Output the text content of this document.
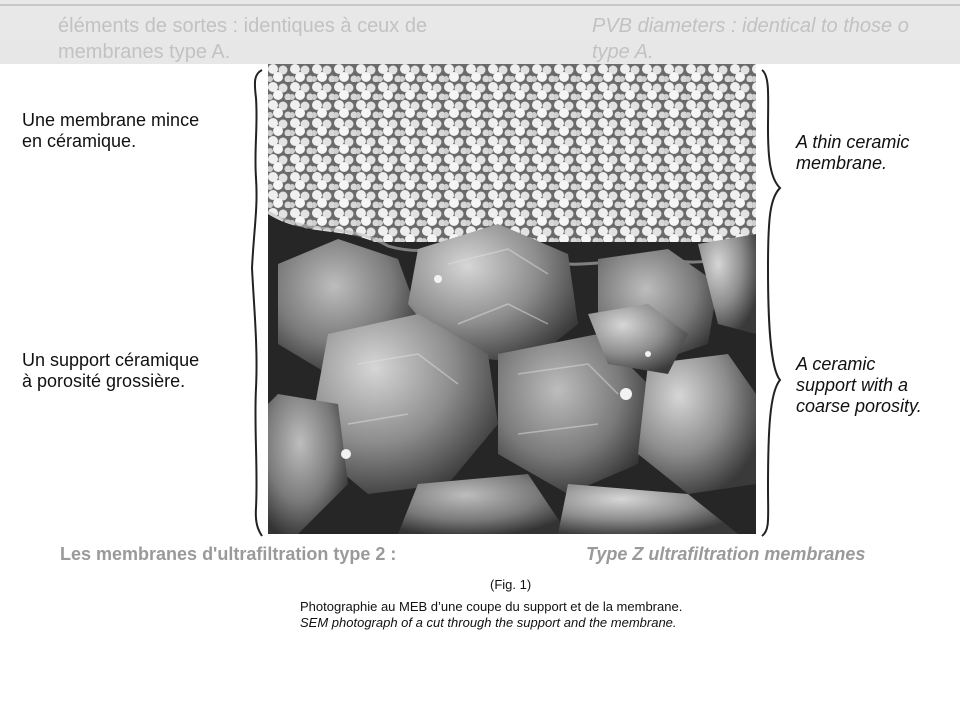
éléments de sortes : identiques à ceux de
membranes type A.
PVB diameters : identical to those o
type A.
Une membrane mince
en céramique.
Un support céramique
à porosité grossière.
A thin ceramic
membrane.
A ceramic
support with a
coarse porosity.
Les membranes d'ultrafiltration type 2 :	Type Z ultrafiltration membranes
(Fig. 1)
Photographie au MEB d’une coupe du support et de la membrane.
SEM photograph of a cut through the support and the membrane.
